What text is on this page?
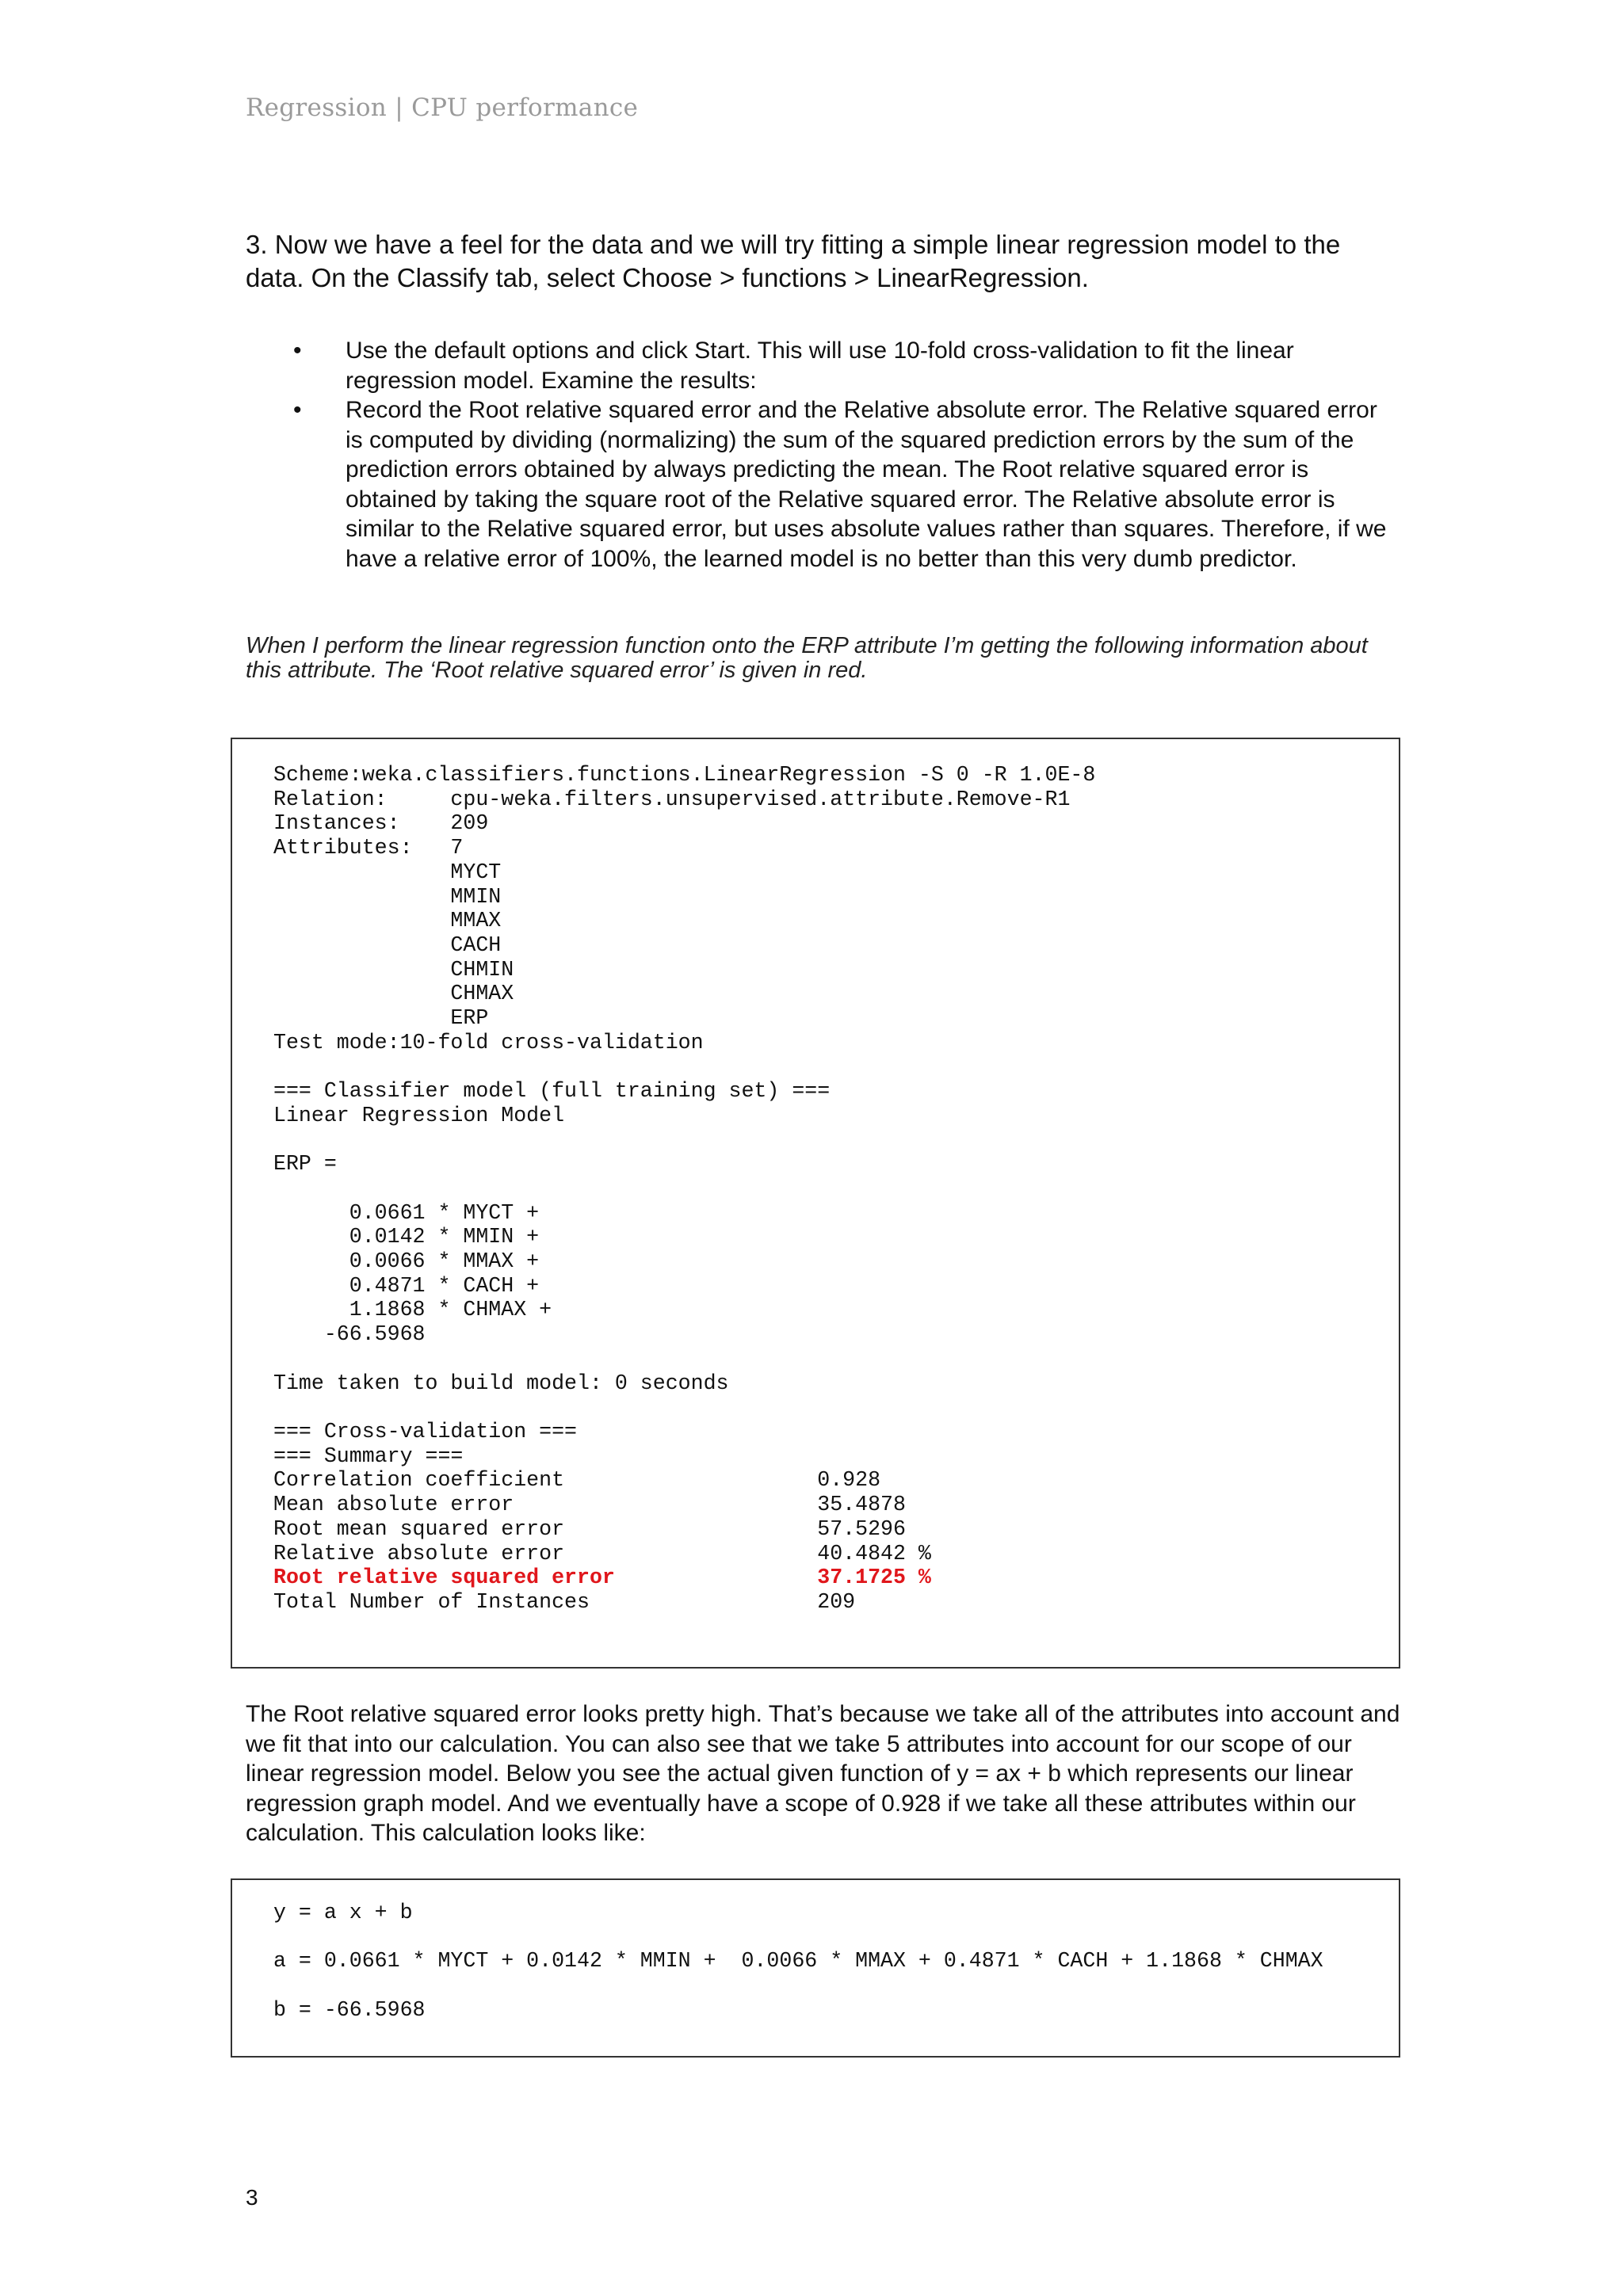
Regression | CPU performance
3. Now we have a feel for the data and we will try fitting a simple linear regression model to the data. On the Classify tab, select Choose > functions > LinearRegression.
• Use the default options and click Start. This will use 10-fold cross-validation to fit the linear regression model. Examine the results:
• Record the Root relative squared error and the Relative absolute error. The Relative squared error is computed by dividing (normalizing) the sum of the squared prediction errors by the sum of the prediction errors obtained by always predicting the mean. The Root relative squared error is obtained by taking the square root of the Relative squared error. The Relative absolute error is similar to the Relative squared error, but uses absolute values rather than squares. Therefore, if we have a relative error of 100%, the learned model is no better than this very dumb predictor.
When I perform the linear regression function onto the ERP attribute I’m getting the following information about this attribute. The ‘Root relative squared error’ is given in red.
Scheme:weka.classifiers.functions.LinearRegression -S 0 -R 1.0E-8
Relation:     cpu-weka.filters.unsupervised.attribute.Remove-R1
Instances:    209
Attributes:   7
MYCT
MMIN
MMAX
CACH
CHMIN
CHMAX
ERP
Test mode:10-fold cross-validation

=== Classifier model (full training set) ===
Linear Regression Model

ERP =

0.0661 * MYCT +
0.0142 * MMIN +
0.0066 * MMAX +
0.4871 * CACH +
1.1868 * CHMAX +
-66.5968

Time taken to build model: 0 seconds

=== Cross-validation ===
=== Summary ===

Correlation coefficient                    0.928
Mean absolute error                        35.4878
Root mean squared error                    57.5296
Relative absolute error                    40.4842 %
Root relative squared error                37.1725 %
Total Number of Instances                  209
The Root relative squared error looks pretty high. That’s because we take all of the attributes into account and we fit that into our calculation. You can also see that we take 5 attributes into account for our scope of our linear regression model. Below you see the actual given function of y = ax + b which represents our linear regression graph model. And we eventually have a scope of 0.928 if we take all these attributes within our calculation. This calculation looks like:
y = a x + b

a = 0.0661 * MYCT + 0.0142 * MMIN +  0.0066 * MMAX + 0.4871 * CACH + 1.1868 * CHMAX

b = -66.5968
3
